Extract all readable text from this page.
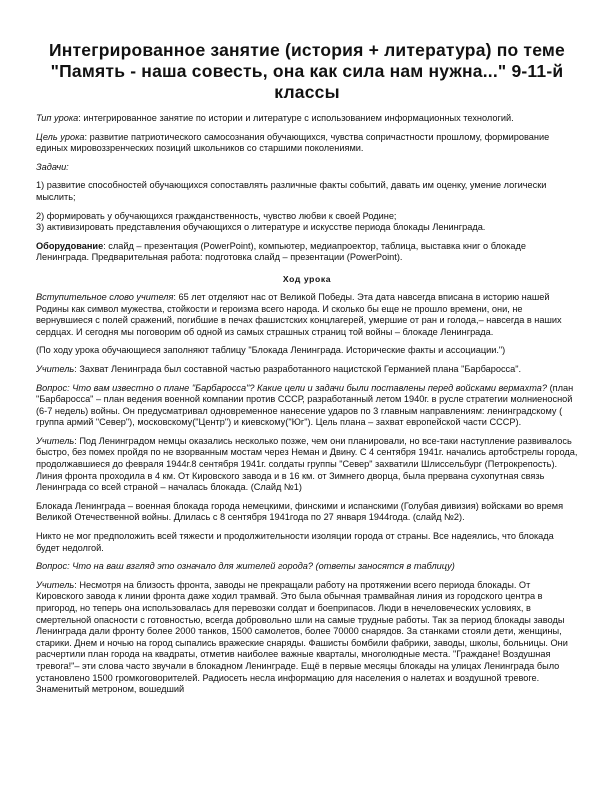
Интегрированное занятие (история + литература) по теме "Память - наша совесть, она как сила нам нужна..." 9-11-й классы

Тип урока: интегрированное занятие по истории и литературе с использованием информационных технологий.

Цель урока: развитие патриотического самосознания обучающихся, чувства сопричастности прошлому, формирование единых мировоззренческих позиций школьников со старшими поколениями.

Задачи:

1) развитие способностей обучающихся сопоставлять различные факты событий, давать им оценку, умение логически мыслить;

2) формировать у обучающихся гражданственность, чувство любви к своей Родине;

3) активизировать представления обучающихся о литературе и искусстве периода блокады Ленинграда.

Оборудование: слайд – презентация (PowerPoint), компьютер, медиапроектор, таблица, выставка книг о блокаде Ленинграда. Предварительная работа: подготовка слайд – презентации (PowerPoint).

Ход урока

Вступительное слово учителя: 65 лет отделяют нас от Великой Победы. Эта дата навсегда вписана в историю нашей Родины как символ мужества, стойкости и героизма всего народа. И сколько бы еще не прошло времени, они, не вернувшиеся с полей сражений, погибшие в печах фашистских концлагерей, умершие от ран и голода,– навсегда в наших сердцах. И сегодня мы поговорим об одной из самых страшных страниц той войны – блокаде Ленинграда.

(По ходу урока обучающиеся заполняют таблицу "Блокада Ленинграда. Исторические факты и ассоциации.")

Учитель: Захват Ленинграда был составной частью разработанного нацистской Германией плана "Барбаросса".

Вопрос: Что вам известно о плане "Барбаросса"? Какие цели и задачи были поставлены перед войсками вермахта? (план "Барбаросса" – план ведения военной компании против СССР, разработанный летом 1940г. в русле стратегии молниеносной (6-7 недель) войны. Он предусматривал одновременное нанесение ударов по 3 главным направлениям: ленинградскому ( группа армий "Север"), московскому("Центр") и киевскому("Юг"). Цель плана – захват европейской части СССР).

Учитель: Под Ленинградом немцы оказались несколько позже, чем они планировали, но все-таки наступление развивалось быстро, без помех пройдя по не взорванным мостам через Неман и Двину. С 4 сентября 1941г. начались артобстрелы города, продолжавшиеся до февраля 1944г.8 сентября 1941г. солдаты группы "Север" захватили Шлиссельбург (Петрокрепость). Линия фронта проходила в 4 км. От Кировского завода и в 16 км. от Зимнего дворца, была прервана сухопутная связь Ленинграда со всей страной – началась блокада. (Слайд №1)

Блокада Ленинграда – военная блокада города немецкими, финскими и испанскими (Голубая дивизия) войсками во время Великой Отечественной войны. Длилась с 8 сентября 1941года по 27 января 1944года. (слайд №2).

Никто не мог предположить всей тяжести и продолжительности изоляции города от страны. Все надеялись, что блокада будет недолгой.

Вопрос: Что на ваш взгляд это означало для жителей города? (ответы заносятся в таблицу)

Учитель: Несмотря на близость фронта, заводы не прекращали работу на протяжении всего периода блокады. От Кировского завода к линии фронта даже ходил трамвай. Это была обычная трамвайная линия из городского центра в пригород, но теперь она использовалась для перевозки солдат и боеприпасов. Люди в нечеловеческих условиях, в смертельной опасности с готовностью, всегда добровольно шли на самые трудные работы. Так за период блокады заводы Ленинграда дали фронту более 2000 танков, 1500 самолетов, более 70000 снарядов. За станками стояли дети, женщины, старики. Днем и ночью на город сыпались вражеские снаряды. Фашисты бомбили фабрики, заводы, школы, больницы. Они расчертили план города на квадраты, отметив наиболее важные кварталы, многолюдные места. "Граждане! Воздушная тревога!"– эти слова часто звучали в блокадном Ленинграде. Ещё в первые месяцы блокады на улицах Ленинграда было установлено 1500 громкоговорителей. Радиосеть несла информацию для населения о налетах и воздушной тревоге. Знаменитый метроном, вошедший
